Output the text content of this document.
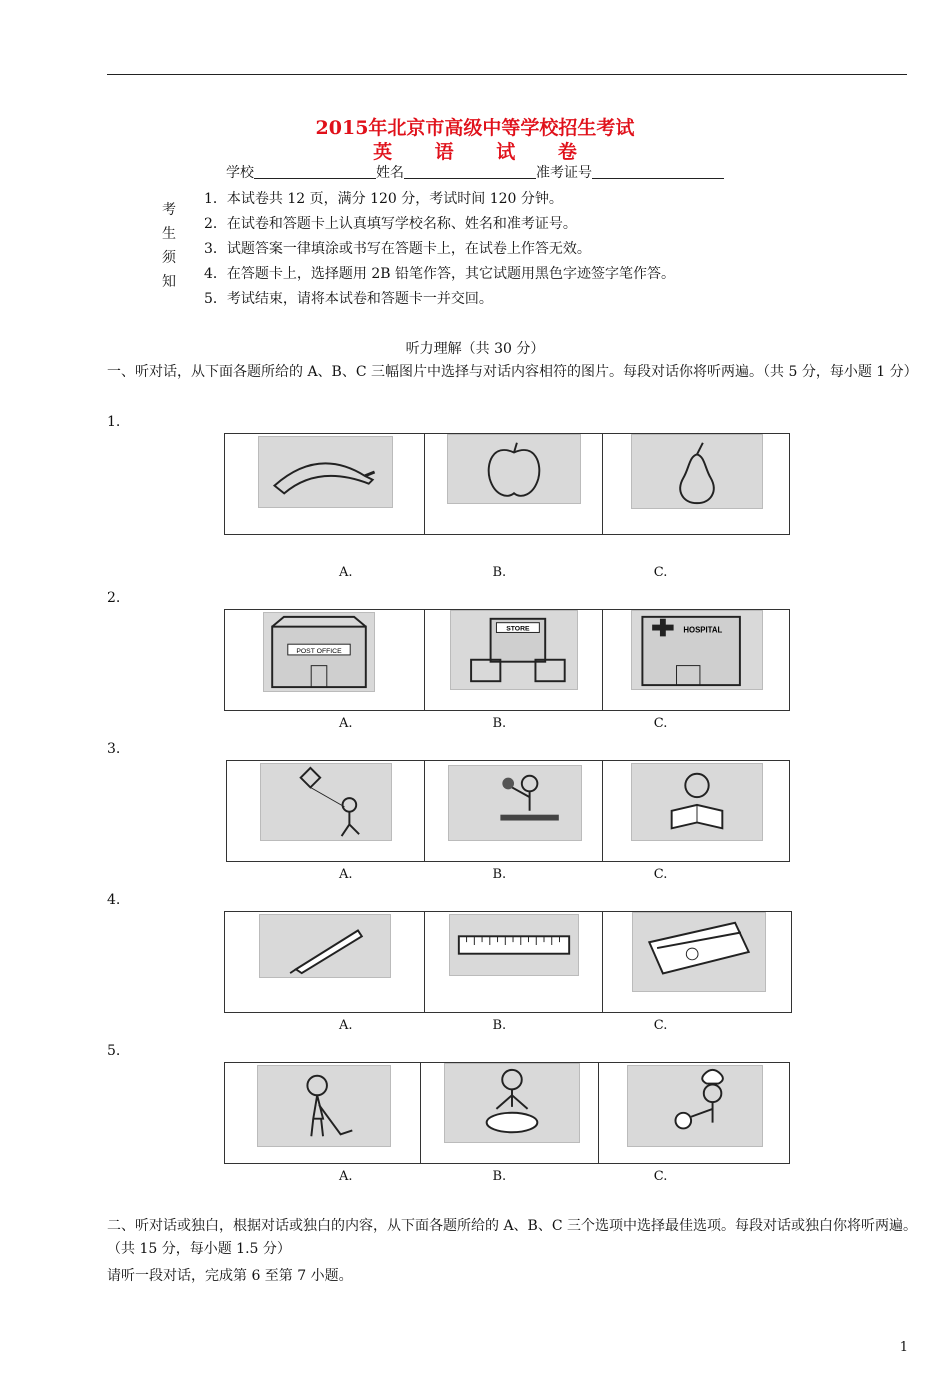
2015年北京市高级中等学校招生考试
英 语 试 卷
学校	姓名	准考证号
考
生
须
知
1．本试卷共 12 页，满分 120 分，考试时间 120 分钟。
2．在试卷和答题卡上认真填写学校名称、姓名和准考证号。
3．试题答案一律填涂或书写在答题卡上，在试卷上作答无效。
4．在答题卡上，选择题用 2B 铅笔作答，其它试题用黑色字迹签字笔作答。
5．考试结束，请将本试卷和答题卡一并交回。
听力理解（共 30 分）
一、听对话，从下面各题所给的 A、B、C 三幅图片中选择与对话内容相符的图片。每段对话你将听两遍。（共 5 分，每小题 1 分）
1.
A.	B.	C.
2.
POST OFFICE
STORE	HOSPITAL
A.	B.	C.
3.
A.	B.	C.
4.
A.	B.	C.
5.
A.	B.	C.
二、听对话或独白，根据对话或独白的内容，从下面各题所给的 A、B、C 三个选项中选择最佳选项。每段对话或独白你将听两遍。（共 15 分，每小题 1.5 分）
请听一段对话，完成第 6 至第 7 小题。
1
